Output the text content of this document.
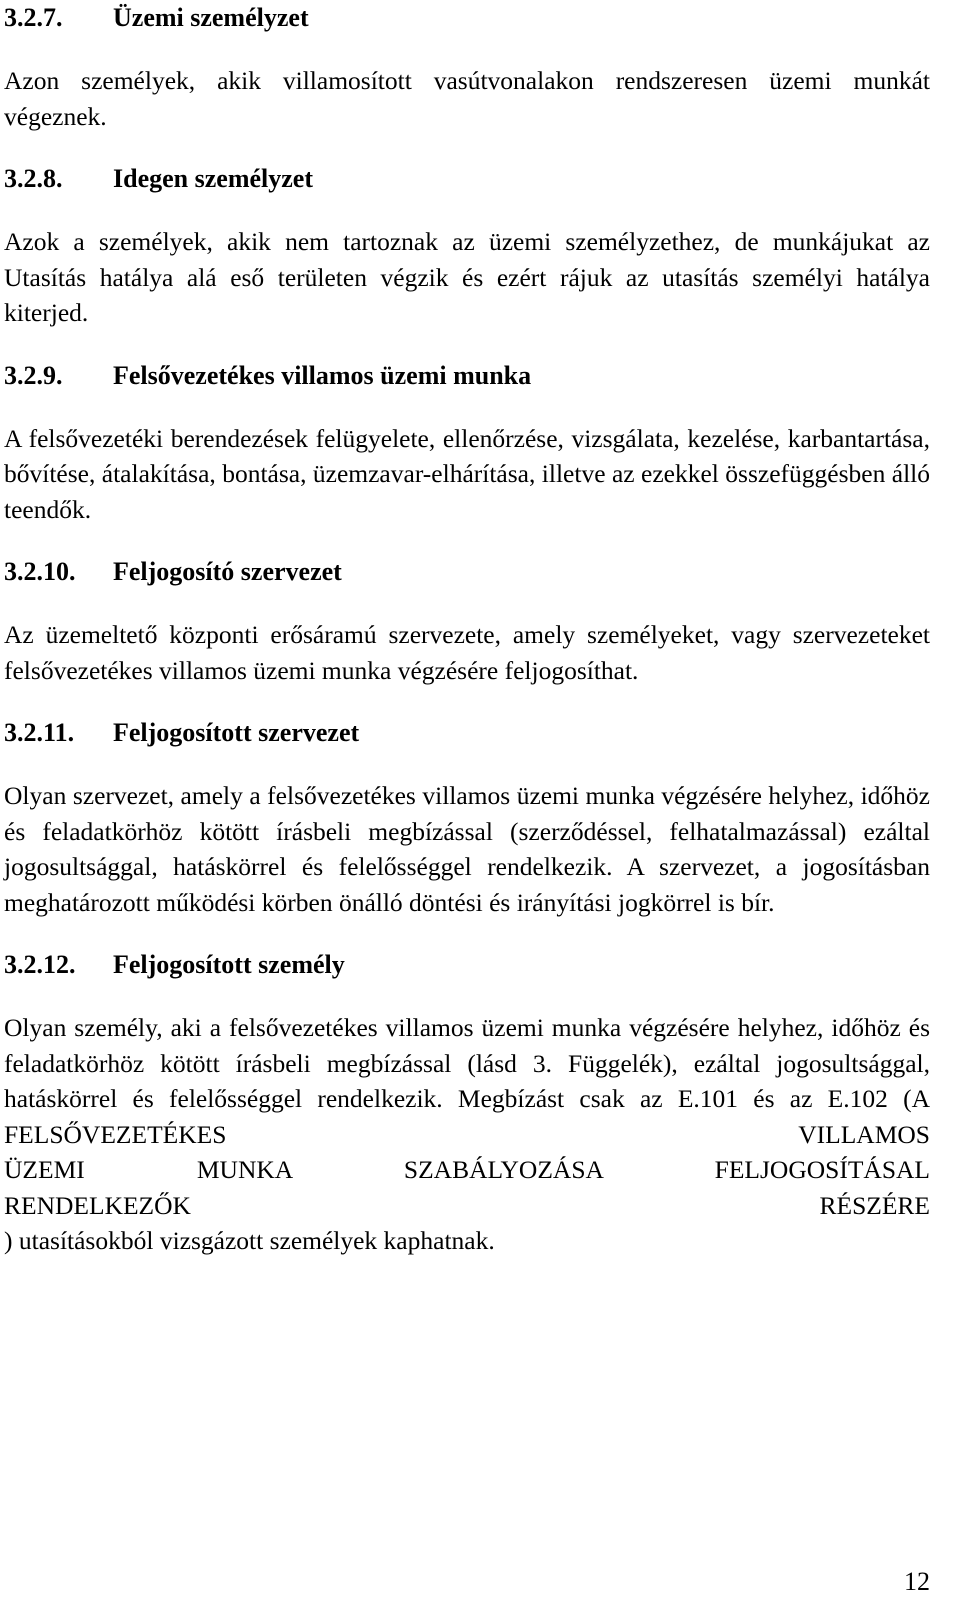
3.2.7. Üzemi személyzet

Azon személyek, akik villamosított vasútvonalakon rendszeresen üzemi munkát végeznek.

3.2.8. Idegen személyzet

Azok a személyek, akik nem tartoznak az üzemi személyzethez, de munkájukat az Utasítás hatálya alá eső területen végzik és ezért rájuk az utasítás személyi hatálya kiterjed.

3.2.9. Felsővezetékes villamos üzemi munka

A felsővezetéki berendezések felügyelete, ellenőrzése, vizsgálata, kezelése, karbantartása, bővítése, átalakítása, bontása, üzemzavar-elhárítása, illetve az ezekkel összefüggésben álló teendők.

3.2.10. Feljogosító szervezet

Az üzemeltető központi erősáramú szervezete, amely személyeket, vagy szervezeteket felsővezetékes villamos üzemi munka végzésére feljogosíthat.

3.2.11. Feljogosított szervezet

Olyan szervezet, amely a felsővezetékes villamos üzemi munka végzésére helyhez, időhöz és feladatkörhöz kötött írásbeli megbízással (szerződéssel, felhatalmazással) ezáltal jogosultsággal, hatáskörrel és felelősséggel rendelkezik. A szervezet, a jogosításban meghatározott működési körben önálló döntési és irányítási jogkörrel is bír.

3.2.12. Feljogosított személy

Olyan személy, aki a felsővezetékes villamos üzemi munka végzésére helyhez, időhöz és feladatkörhöz kötött írásbeli megbízással (lásd 3. Függelék), ezáltal jogosultsággal, hatáskörrel és felelősséggel rendelkezik. Megbízást csak az E.101 és az E.102 (A FELSŐVEZETÉKES VILLAMOS
ÜZEMI MUNKA SZABÁLYOZÁSA FELJOGOSÍTÁSAL
RENDELKEZŐK RÉSZÉRE
) utasításokból vizsgázott személyek kaphatnak.
12
